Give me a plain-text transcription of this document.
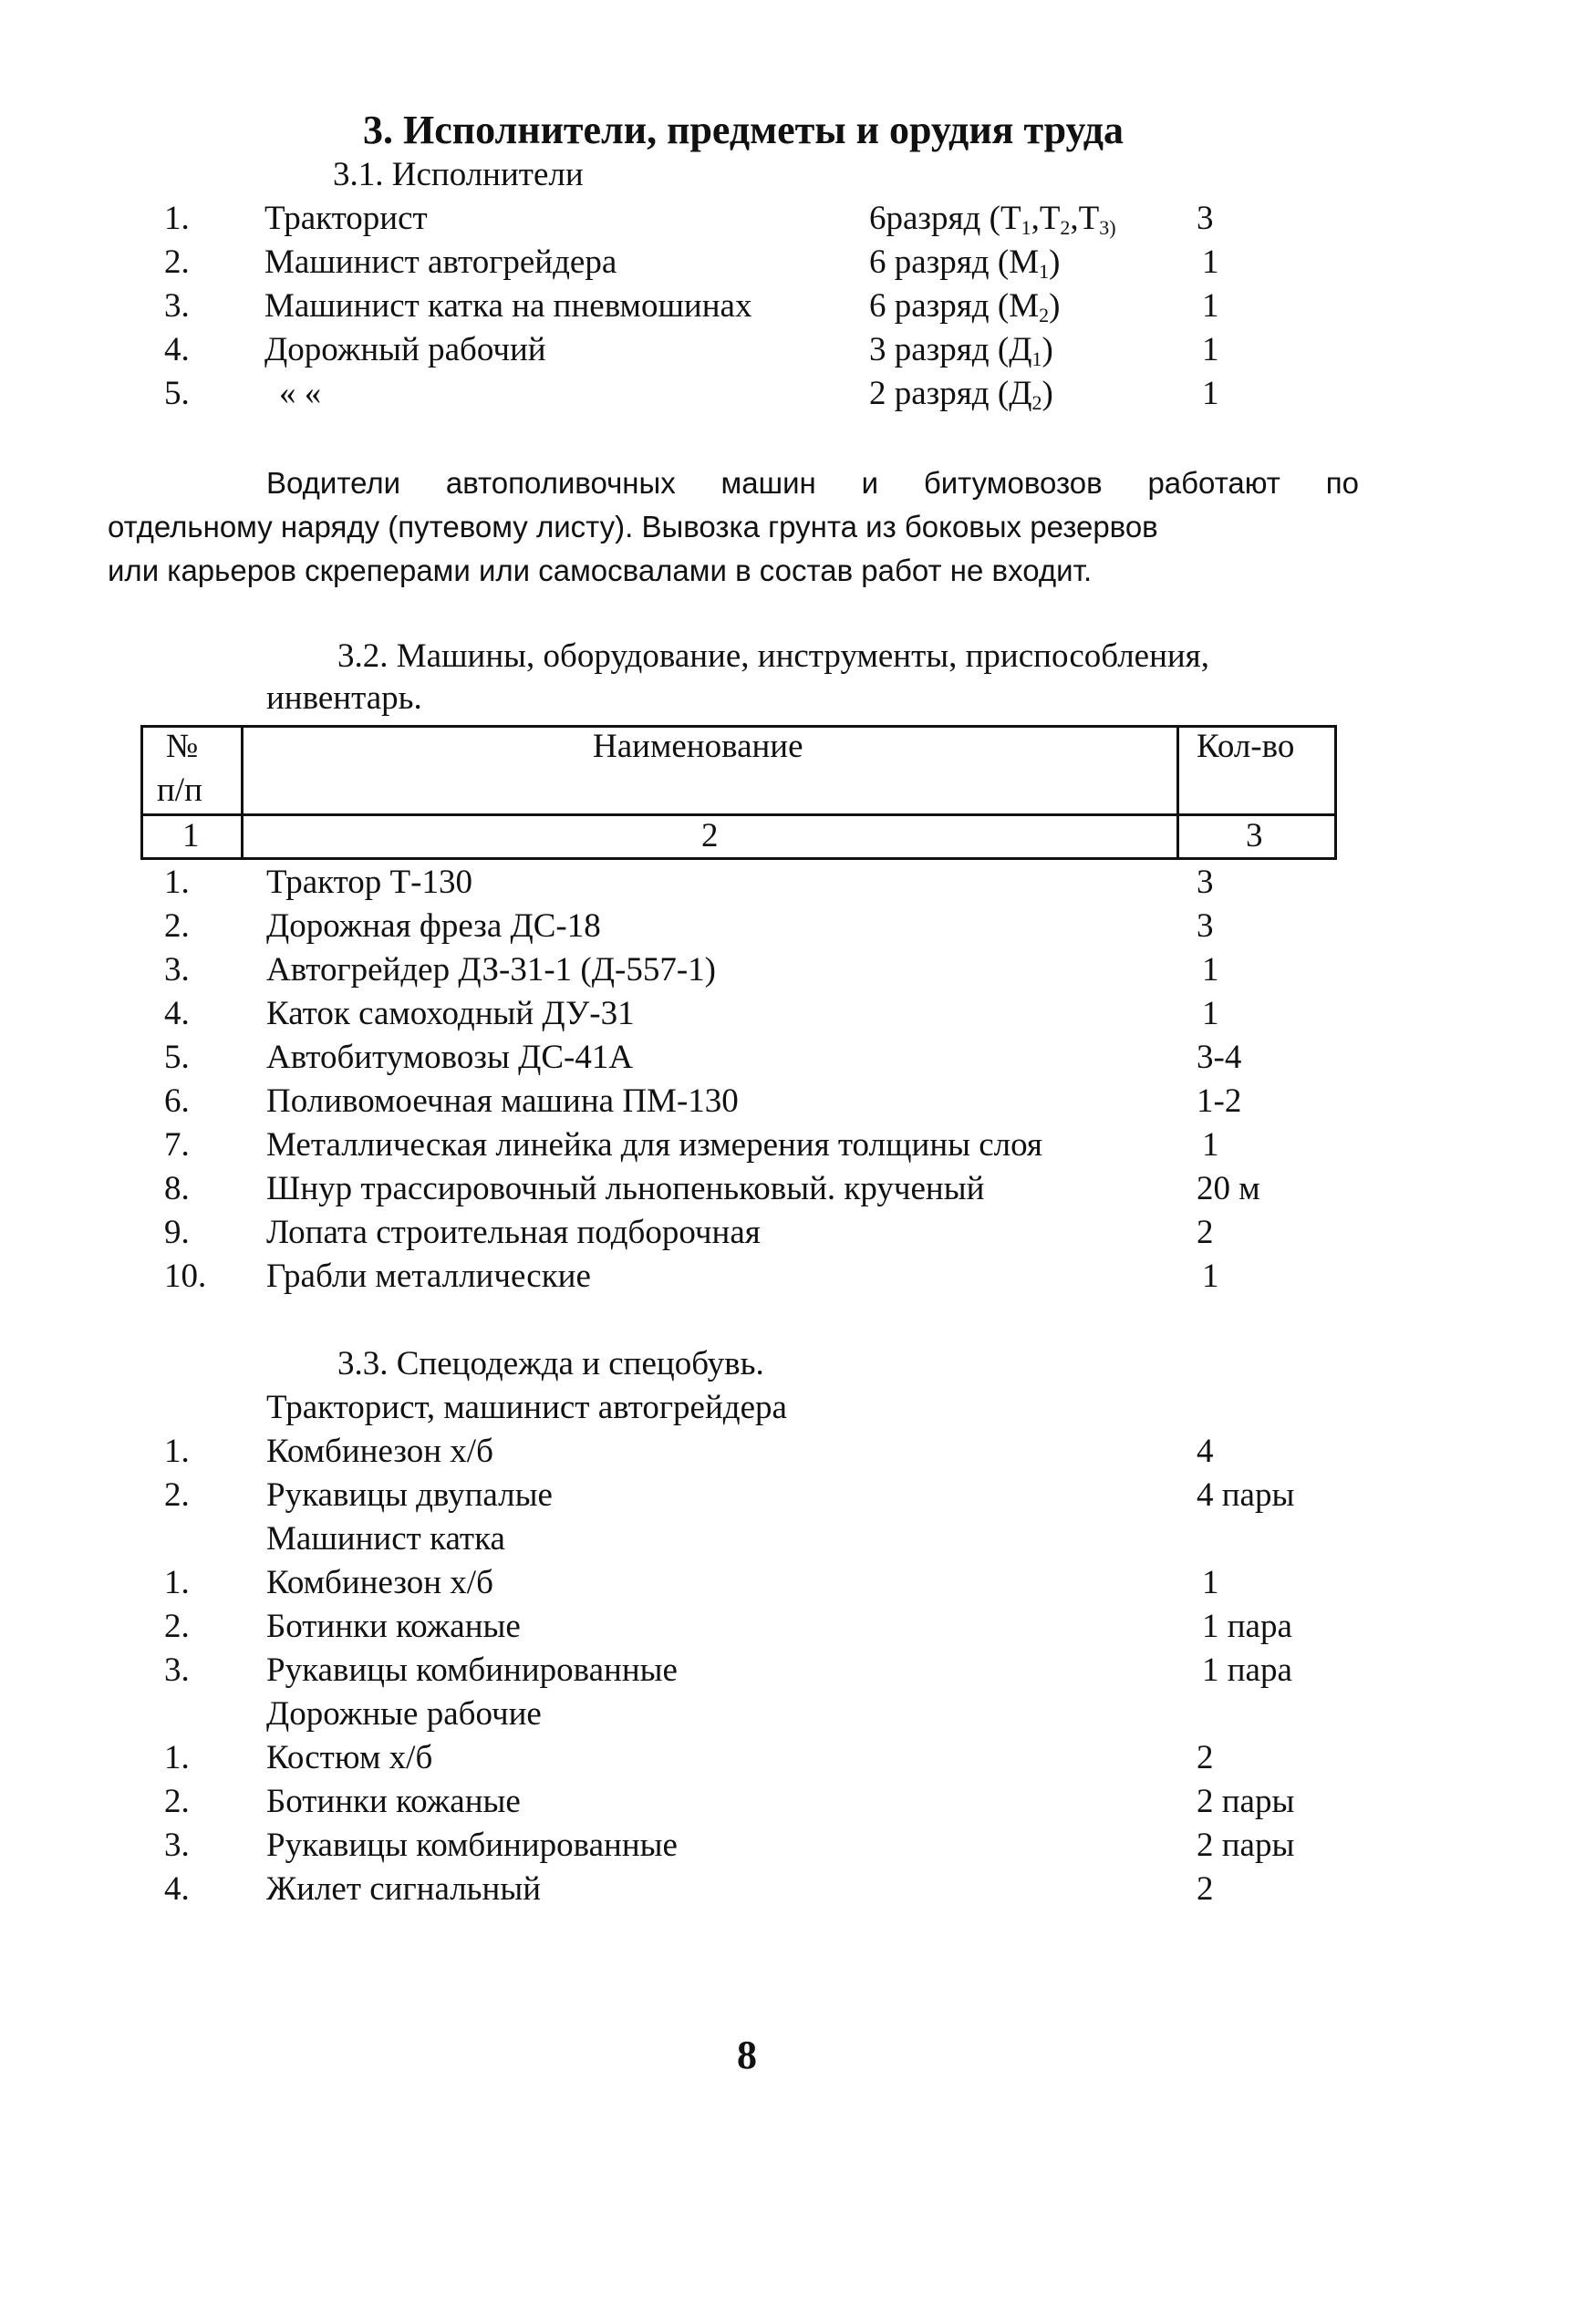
3. Исполнители, предметы и орудия труда
3.1. Исполнители
1. Тракторист	6разряд ($Т_1,Т_2,Т_{3)}$ 3
2. Машинист автогрейдера	6 разряд $(М_1)$	1
3. Машинист катка на пневмошинах	6 разряд $(М_2)$	1
4. Дорожный рабочий	3 разряд $(Д_1)$	1
5.	« «	2 разряд $(Д_2)$	1
Водители автополивочных машин и битумовозов работают по
отдельному наряду (путевому листу). Вывозка грунта из боковых резервов
или карьеров скреперами или самосвалами в состав работ не входит.
3.2. Машины, оборудование, инструменты, приспособления,
инвентарь.
№
п/п
Наименование	Кол-во
1	2	3
1. Трактор Т-130	3
2. Дорожная фреза ДС-18	3
3. Автогрейдер ДЗ-31-1 (Д-557-1)	1
4. Каток самоходный ДУ-31	1
5. Автобитумовозы ДС-41А	3-4
6. Поливомоечная машина ПМ-130	1-2
7. Металлическая линейка для измерения толщины слоя	1
8. Шнур трассировочный льнопеньковый. крученый	20 м
9. Лопата строительная подборочная	2
10. Грабли металлические	1
3.3. Спецодежда и спецобувь.
Тракторист, машинист автогрейдера
1. Комбинезон х/б	4
2. Рукавицы двупалые	4 пары
Машинист катка
1. Комбинезон х/б	1
2. Ботинки кожаные	1 пара
3. Рукавицы комбинированные	1 пара
Дорожные рабочие
1. Костюм х/б	2
2. Ботинки кожаные	2 пары
3. Рукавицы комбинированные	2 пары
4. Жилет сигнальный	2
8
